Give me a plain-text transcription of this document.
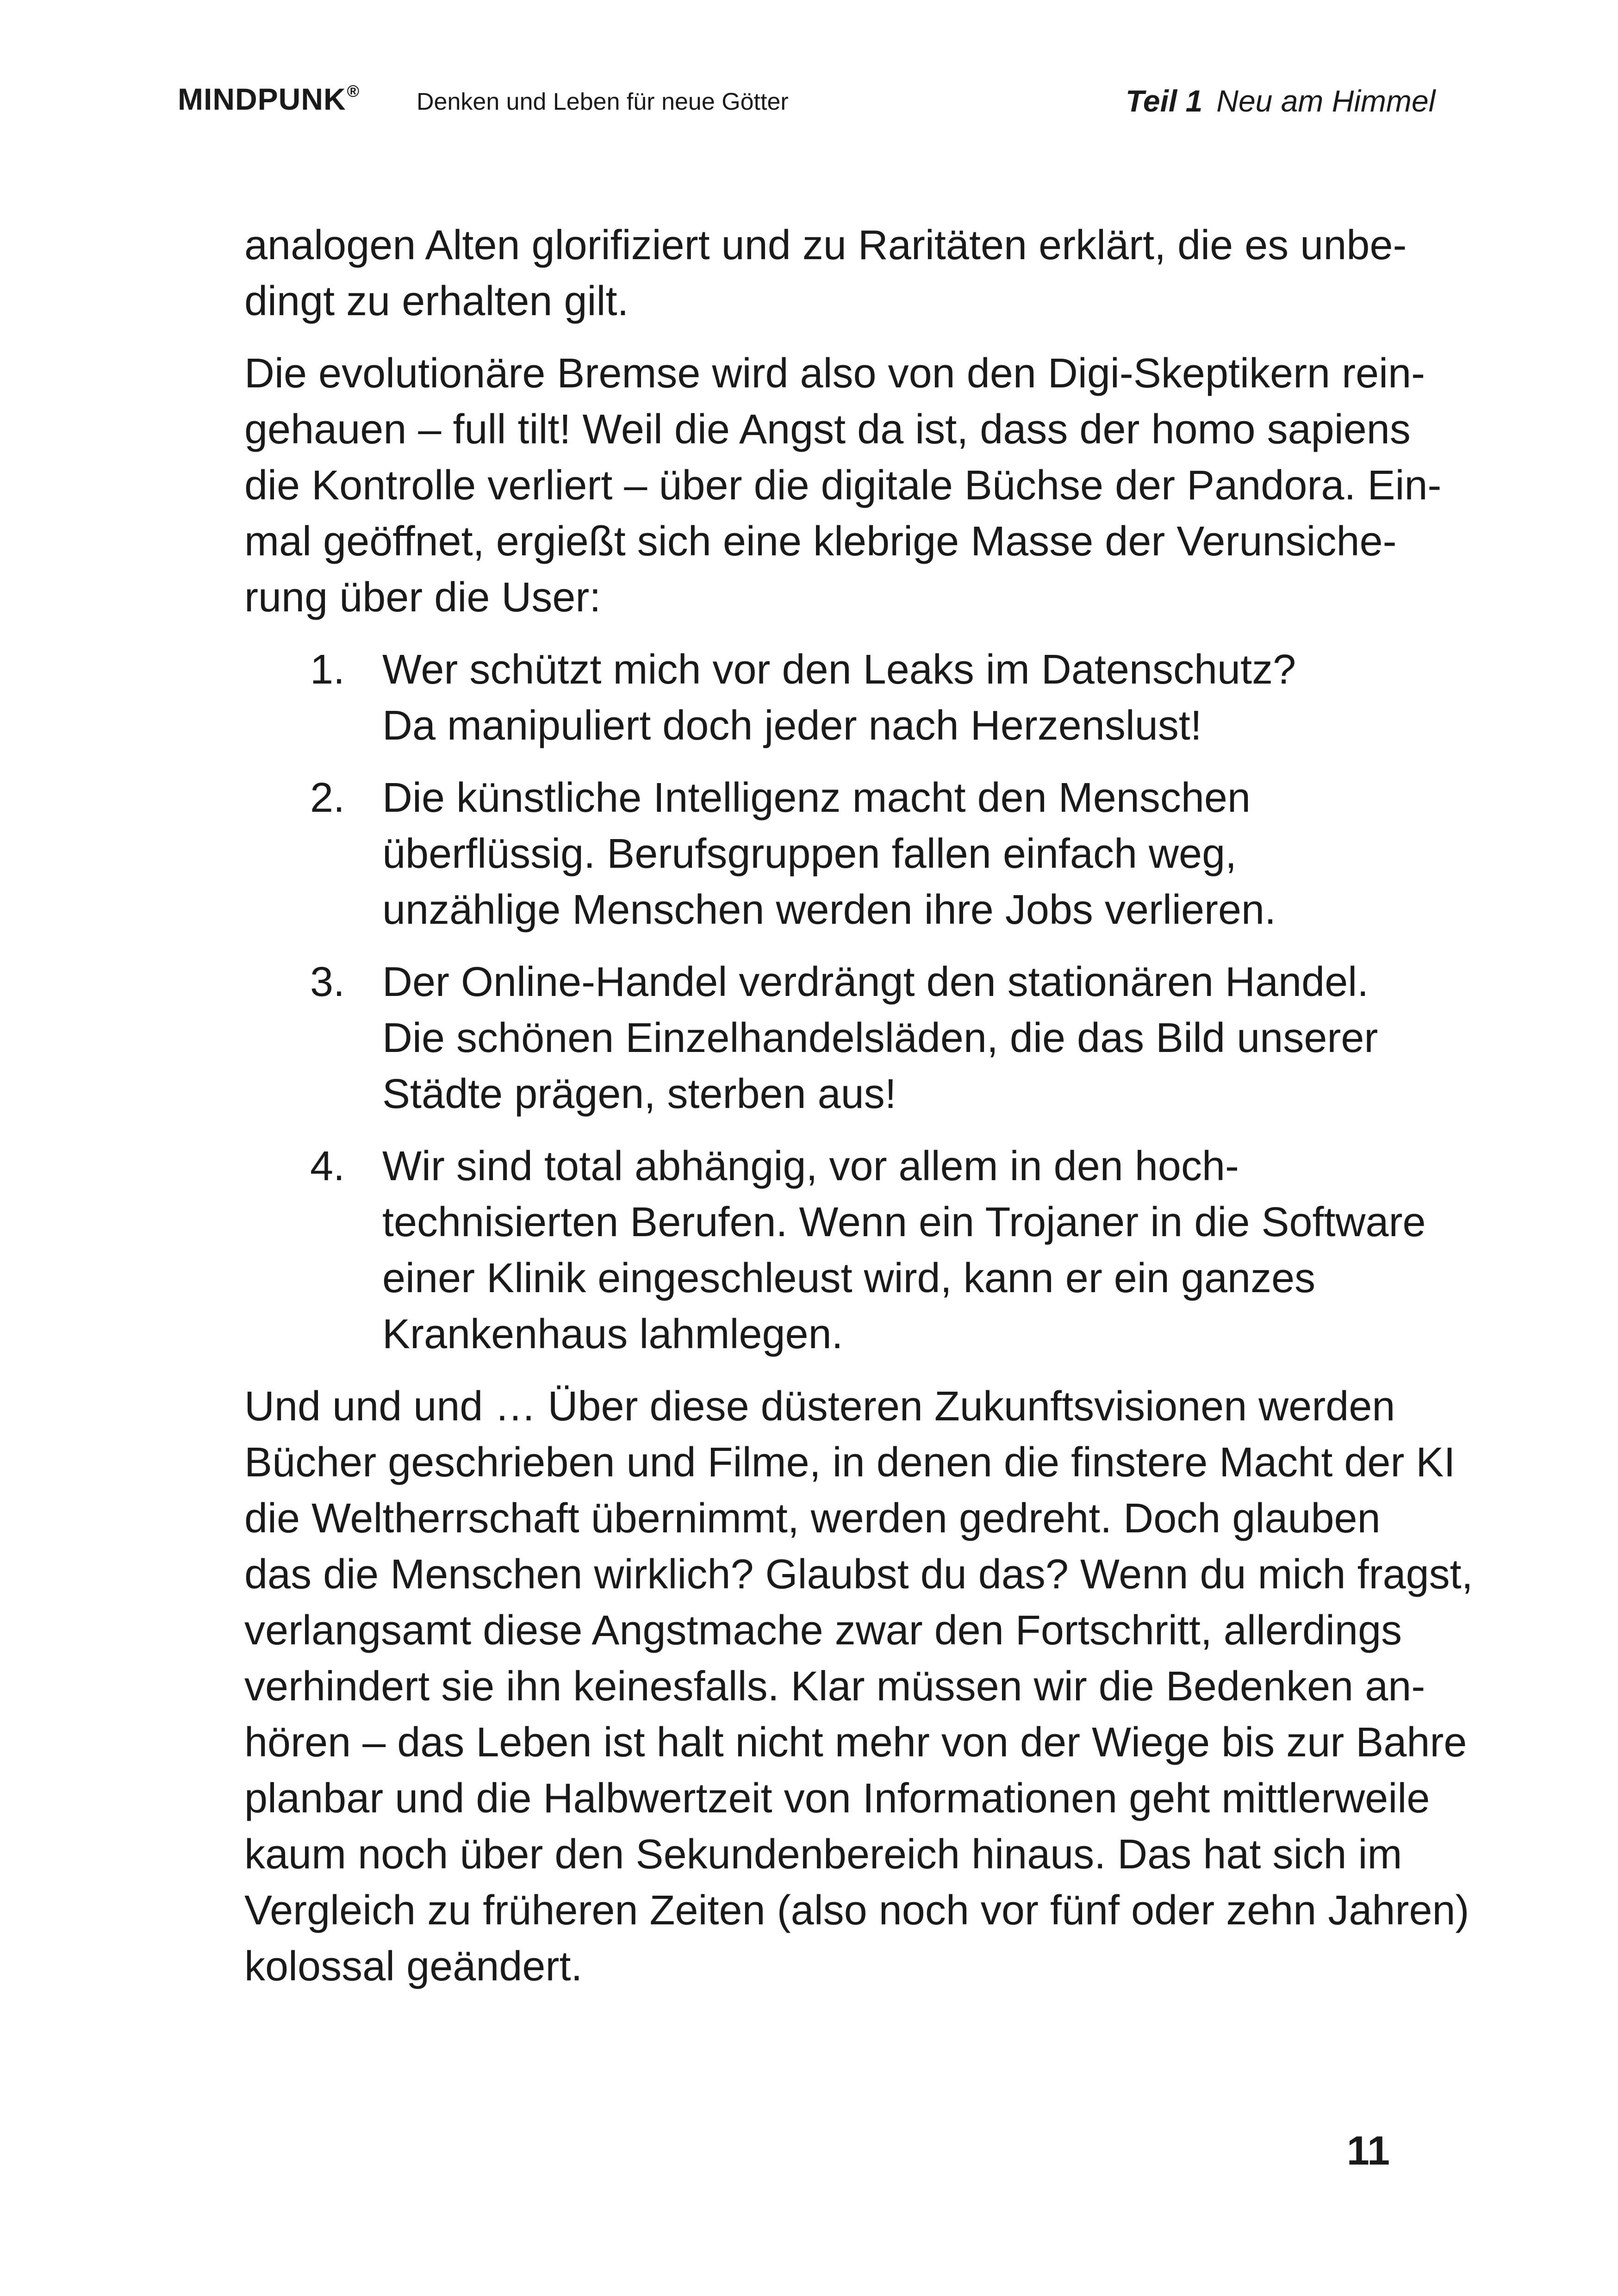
MINDPUNK® Denken und Leben für neue Götter	Teil 1 Neu am Himmel
analogen Alten glorifiziert und zu Raritäten erklärt, die es unbe-
dingt zu erhalten gilt.
Die evolutionäre Bremse wird also von den Digi-Skeptikern rein-
gehauen – full tilt! Weil die Angst da ist, dass der homo sapiens
die Kontrolle verliert – über die digitale Büchse der Pandora. Ein-
mal geöffnet, ergießt sich eine klebrige Masse der Verunsiche-
rung über die User:
1. Wer schützt mich vor den Leaks im Datenschutz?
Da manipuliert doch jeder nach Herzenslust!
2. Die künstliche Intelligenz macht den Menschen
überflüssig. Berufsgruppen fallen einfach weg,
unzählige Menschen werden ihre Jobs verlieren.
3. Der Online-Handel verdrängt den stationären Handel.
Die schönen Einzelhandelsläden, die das Bild unserer
Städte prägen, sterben aus!
4. Wir sind total abhängig, vor allem in den hoch-
technisierten Berufen. Wenn ein Trojaner in die Software
einer Klinik eingeschleust wird, kann er ein ganzes
Krankenhaus lahmlegen.
Und und und … Über diese düsteren Zukunftsvisionen werden
Bücher geschrieben und Filme, in denen die finstere Macht der KI
die Weltherrschaft übernimmt, werden gedreht. Doch glauben
das die Menschen wirklich? Glaubst du das? Wenn du mich fragst,
verlangsamt diese Angstmache zwar den Fortschritt, allerdings
verhindert sie ihn keinesfalls. Klar müssen wir die Bedenken an-
hören – das Leben ist halt nicht mehr von der Wiege bis zur Bahre
planbar und die Halbwertzeit von Informationen geht mittlerweile
kaum noch über den Sekundenbereich hinaus. Das hat sich im
Vergleich zu früheren Zeiten (also noch vor fünf oder zehn Jahren)
kolossal geändert.
11
